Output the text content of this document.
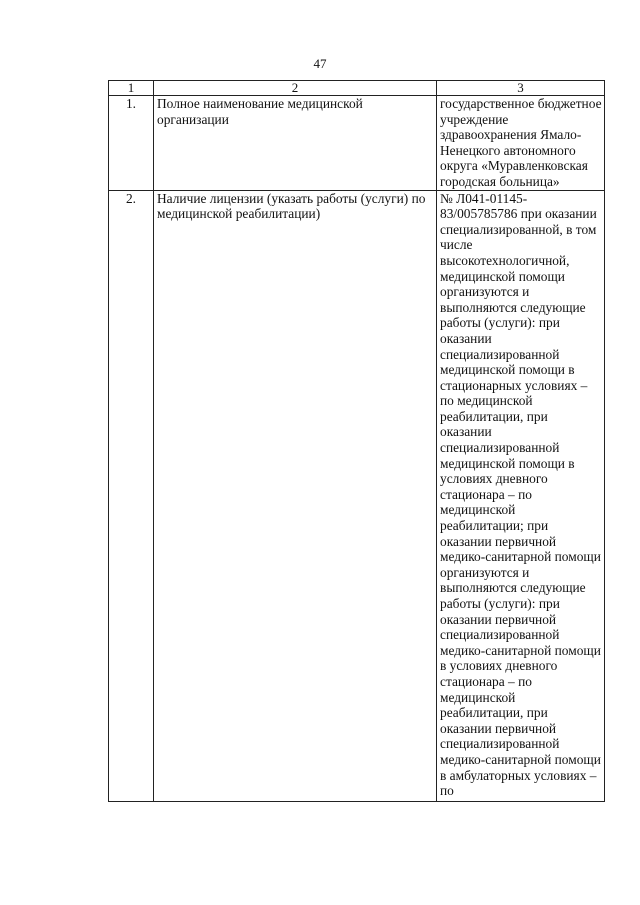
47
1	2	3
1.	Полное наименование медицинской организации	государственное бюджетное учреждение здравоохранения Ямало-Ненецкого автономного округа «Муравленковская городская больница»
2.	Наличие лицензии (указать работы (услуги) по медицинской реабилитации)	№ Л041-01145-83/005785786 при оказании специализированной, в том числе высокотехнологичной, медицинской помощи организуются и выполняются следующие работы (услуги): при оказании специализированной медицинской помощи в стационарных условиях – по медицинской реабилитации, при оказании специализированной медицинской помощи в условиях дневного стационара – по медицинской реабилитации; при оказании первичной медико-санитарной помощи организуются и выполняются следующие работы (услуги): при оказании первичной специализированной медико-санитарной помощи в условиях дневного стационара – по медицинской реабилитации, при оказании первичной специализированной медико-санитарной помощи в амбулаторных условиях – по
